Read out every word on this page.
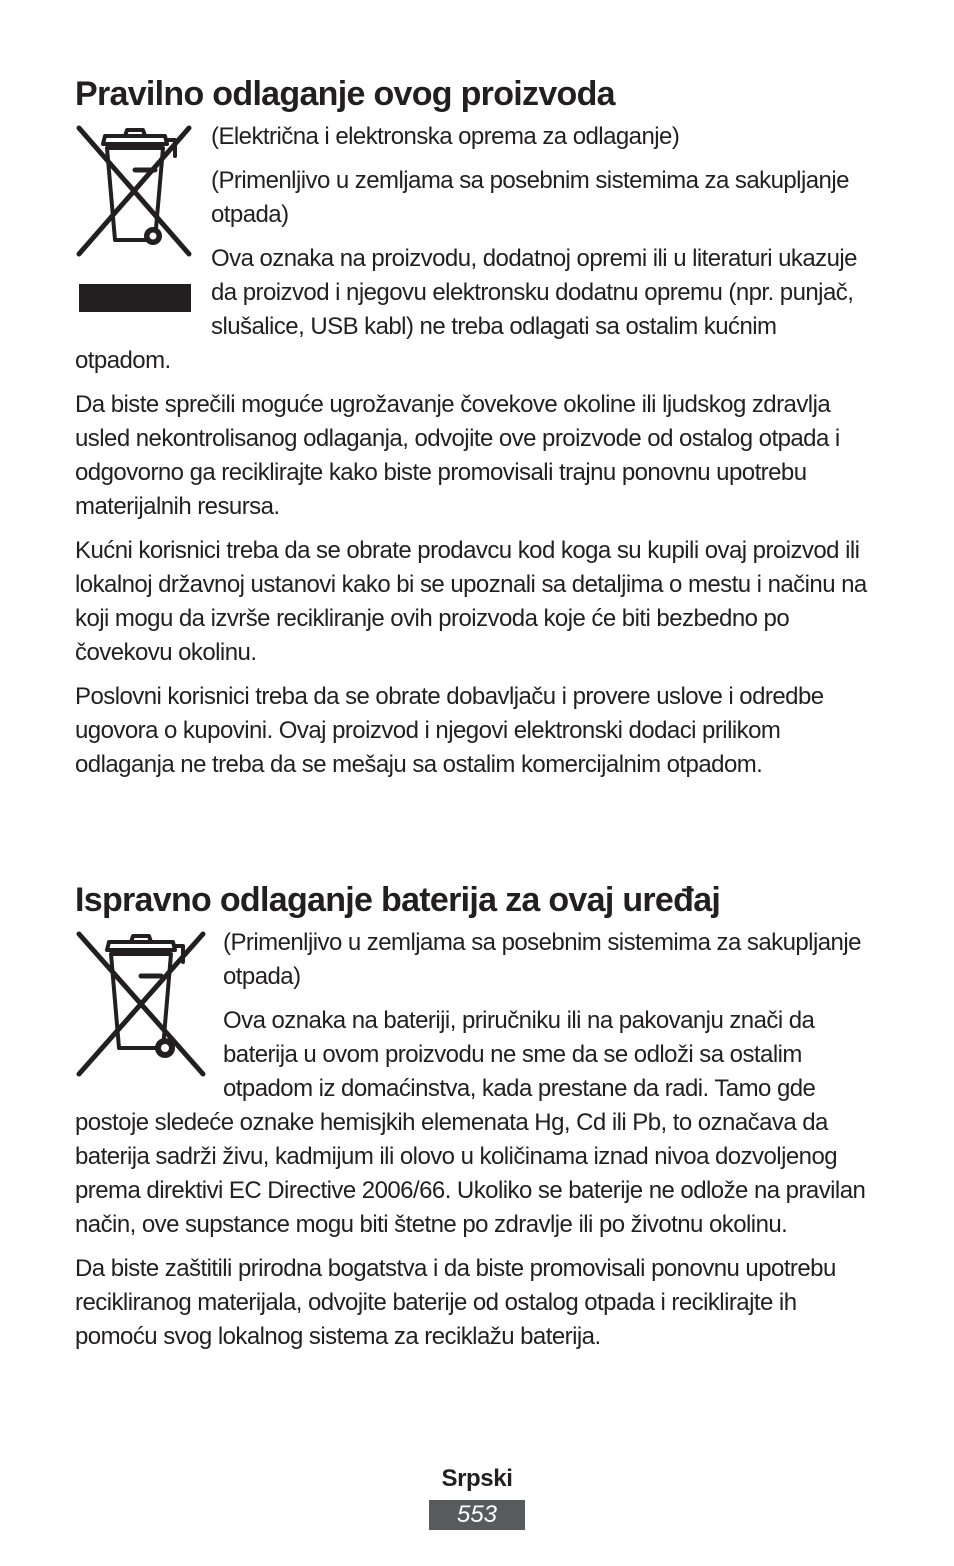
Pravilno odlaganje ovog proizvoda

(Električna i elektronska oprema za odlaganje)

(Primenljivo u zemljama sa posebnim sistemima za sakupljanje otpada)

Ova oznaka na proizvodu, dodatnoj opremi ili u literaturi ukazuje da proizvod i njegovu elektronsku dodatnu opremu (npr. punjač, slušalice, USB kabl) ne treba odlagati sa ostalim kućnim otpadom.

Da biste sprečili moguće ugrožavanje čovekove okoline ili ljudskog zdravlja usled nekontrolisanog odlaganja, odvojite ove proizvode od ostalog otpada i odgovorno ga reciklirajte kako biste promovisali trajnu ponovnu upotrebu materijalnih resursa.

Kućni korisnici treba da se obrate prodavcu kod koga su kupili ovaj proizvod ili lokalnoj državnoj ustanovi kako bi se upoznali sa detaljima o mestu i načinu na koji mogu da izvrše recikliranje ovih proizvoda koje će biti bezbedno po čovekovu okolinu.

Poslovni korisnici treba da se obrate dobavljaču i provere uslove i odredbe ugovora o kupovini. Ovaj proizvod i njegovi elektronski dodaci prilikom odlaganja ne treba da se mešaju sa ostalim komercijalnim otpadom.

Ispravno odlaganje baterija za ovaj uređaj

(Primenljivo u zemljama sa posebnim sistemima za sakupljanje otpada)

Ova oznaka na bateriji, priručniku ili na pakovanju znači da baterija u ovom proizvodu ne sme da se odloži sa ostalim otpadom iz domaćinstva, kada prestane da radi. Tamo gde postoje sledeće oznake hemisjkih elemenata Hg, Cd ili Pb, to označava da baterija sadrži živu, kadmijum ili olovo u količinama iznad nivoa dozvoljenog prema direktivi EC Directive 2006/66. Ukoliko se baterije ne odlože na pravilan način, ove supstance mogu biti štetne po zdravlje ili po životnu okolinu.

Da biste zaštitili prirodna bogatstva i da biste promovisali ponovnu upotrebu recikliranog materijala, odvojite baterije od ostalog otpada i reciklirajte ih pomoću svog lokalnog sistema za reciklažu baterija.

Srpski
553
